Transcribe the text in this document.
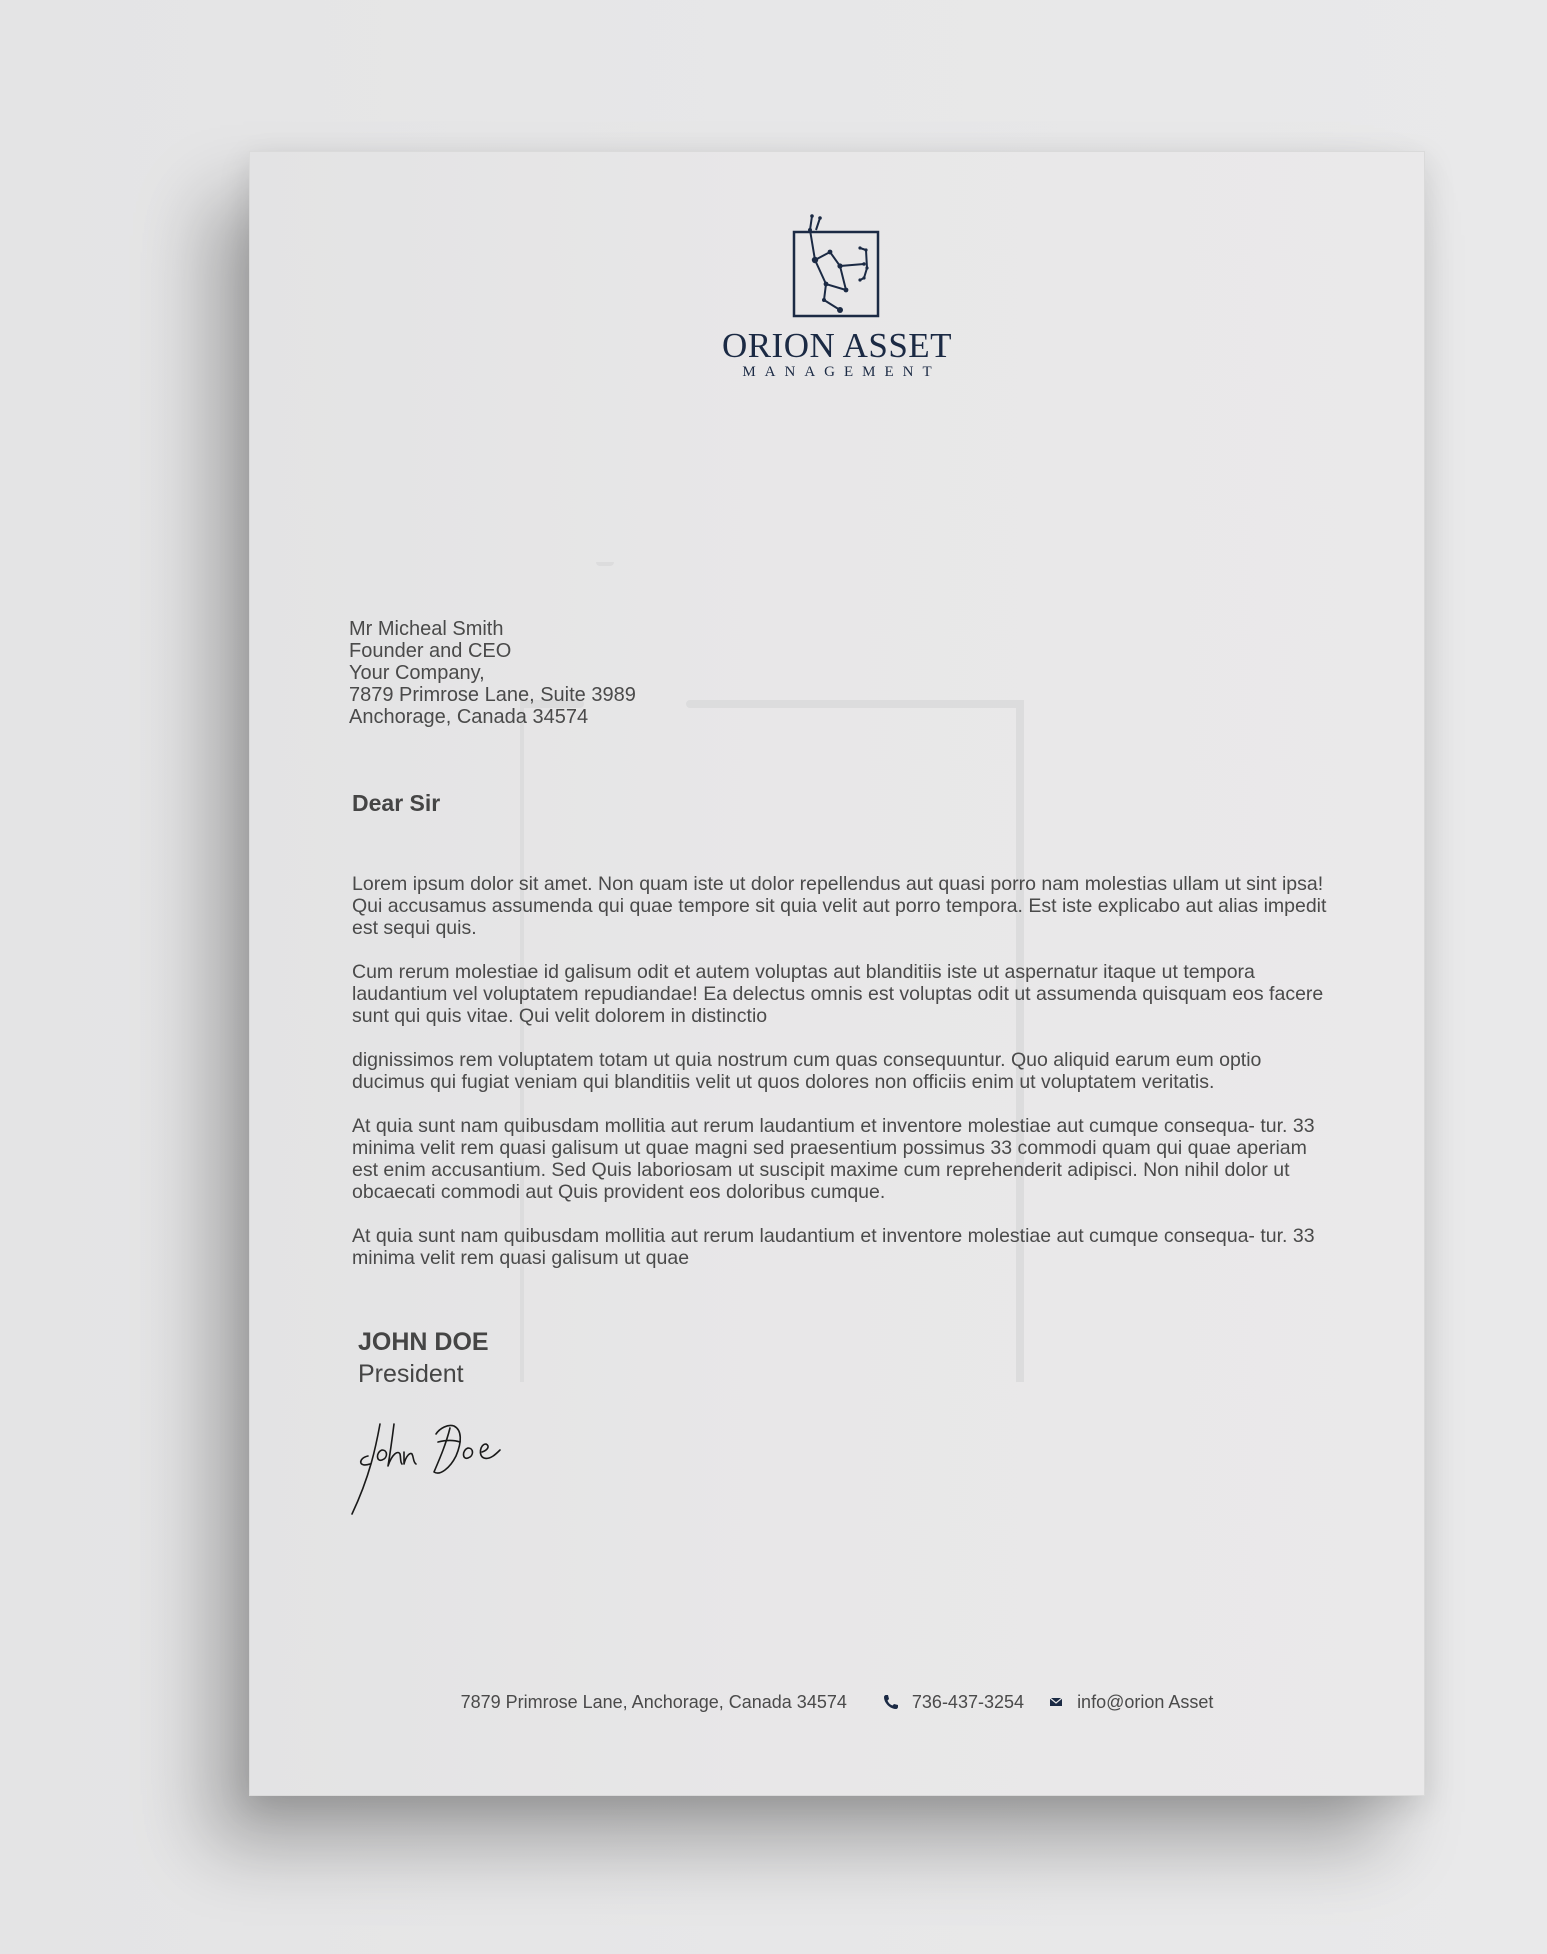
ORION ASSET
MANAGEMENT
Mr Micheal Smith
Founder and CEO
Your Company,
7879 Primrose Lane, Suite 3989
Anchorage, Canada 34574
Dear Sir

Lorem ipsum dolor sit amet. Non quam iste ut dolor repellendus aut quasi porro nam molestias ullam ut sint ipsa! Qui accusamus assumenda qui quae tempore sit quia velit aut porro tempora. Est iste explicabo aut alias impedit est sequi quis.

Cum rerum molestiae id galisum odit et autem voluptas aut blanditiis iste ut aspernatur itaque ut tempora laudantium vel voluptatem repudiandae! Ea delectus omnis est voluptas odit ut assumenda quisquam eos facere sunt qui quis vitae. Qui velit dolorem in distinctio

dignissimos rem voluptatem totam ut quia nostrum cum quas consequuntur. Quo aliquid earum eum optio ducimus qui fugiat veniam qui blanditiis velit ut quos dolores non officiis enim ut voluptatem veritatis.

At quia sunt nam quibusdam mollitia aut rerum laudantium et inventore molestiae aut cumque consequa- tur. 33 minima velit rem quasi galisum ut quae magni sed praesentium possimus 33 commodi quam qui quae aperiam est enim accusantium. Sed Quis laboriosam ut suscipit maxime cum reprehenderit adipisci. Non nihil dolor ut obcaecati commodi aut Quis provident eos doloribus cumque.

At quia sunt nam quibusdam mollitia aut rerum laudantium et inventore molestiae aut cumque consequa- tur. 33 minima velit rem quasi galisum ut quae

JOHN DOE
President
7879 Primrose Lane, Anchorage, Canada 34574	736-437-3254	info@orion Asset
